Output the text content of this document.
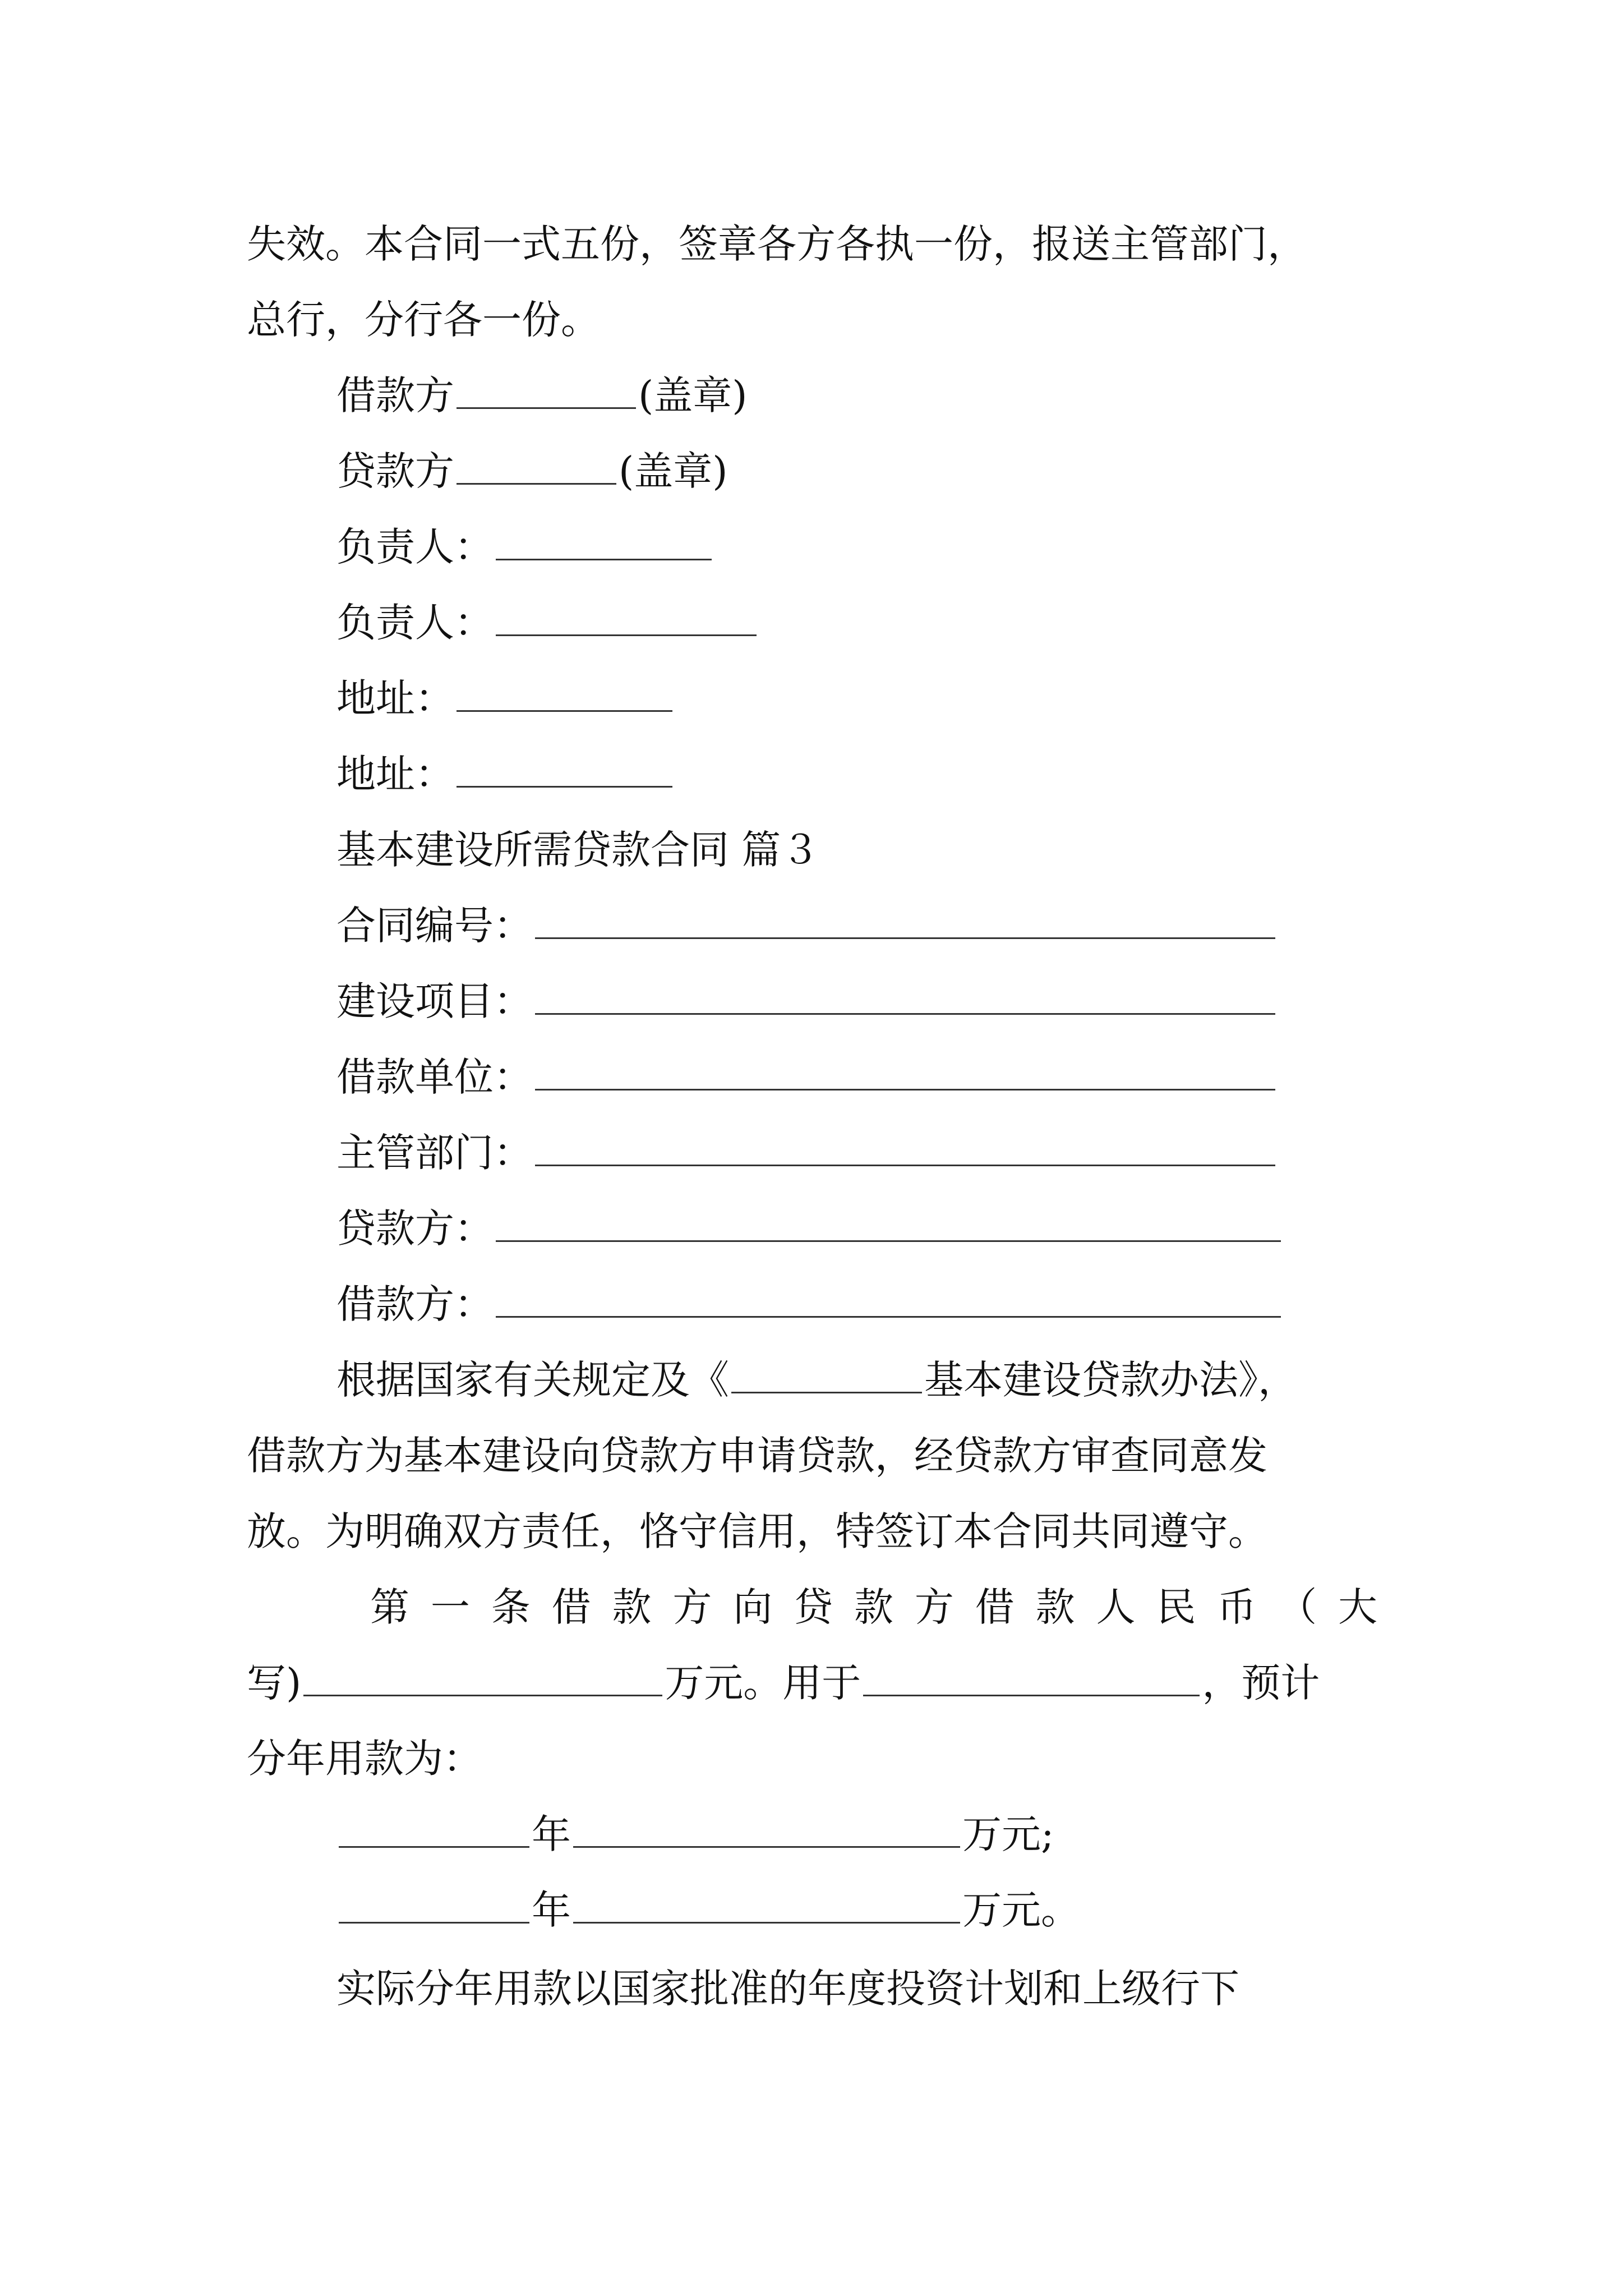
失效。本合同一式五份，签章各方各执一份，报送主管部门，
总行，分行各一份。
借款方	(盖章)
贷款方	(盖章)
负责人：
负责人：
地址：
地址：
基本建设所需贷款合同 篇３
合同编号：
建设项目：
借款单位：
主管部门：
贷款方：
借款方：
根据国家有关规定及《	基本建设贷款办法》，
借款方为基本建设向贷款方申请贷款，经贷款方审查同意发
放。为明确双方责任，恪守信用，特签订本合同共同遵守。
第 一 条 借 款 方 向 贷 款 方 借 款 人 民 币 （ 大
写)	万元。用于	，预计
分年用款为：
年	万元;
年	万元。
实际分年用款以国家批准的年度投资计划和上级行下
